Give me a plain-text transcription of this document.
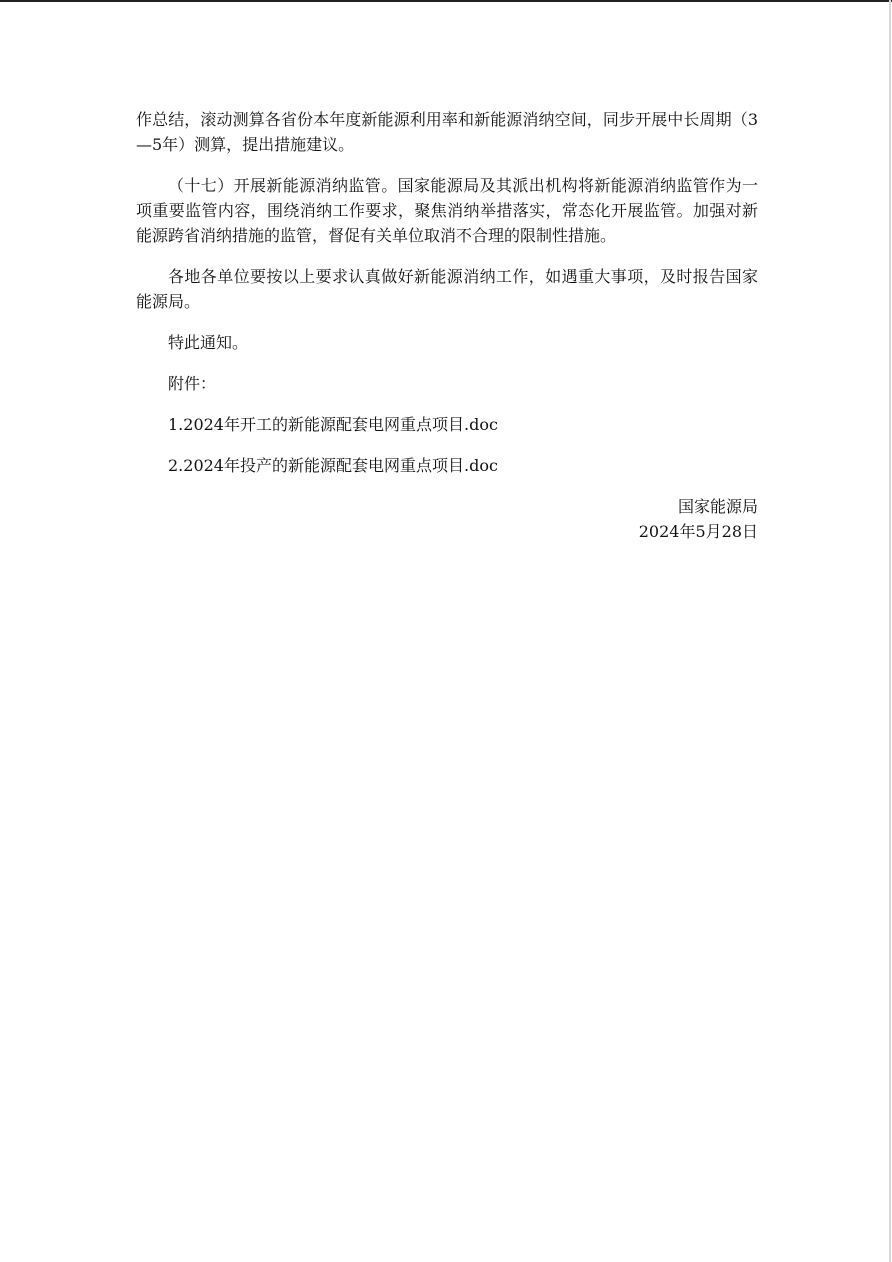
作总结，滚动测算各省份本年度新能源利用率和新能源消纳空间，同步开展中长周期（3—5年）测算，提出措施建议。

（十七）开展新能源消纳监管。国家能源局及其派出机构将新能源消纳监管作为一项重要监管内容，围绕消纳工作要求，聚焦消纳举措落实，常态化开展监管。加强对新能源跨省消纳措施的监管，督促有关单位取消不合理的限制性措施。

各地各单位要按以上要求认真做好新能源消纳工作，如遇重大事项，及时报告国家能源局。

特此通知。

附件：

1.2024年开工的新能源配套电网重点项目.doc

2.2024年投产的新能源配套电网重点项目.doc

国家能源局
2024年5月28日
